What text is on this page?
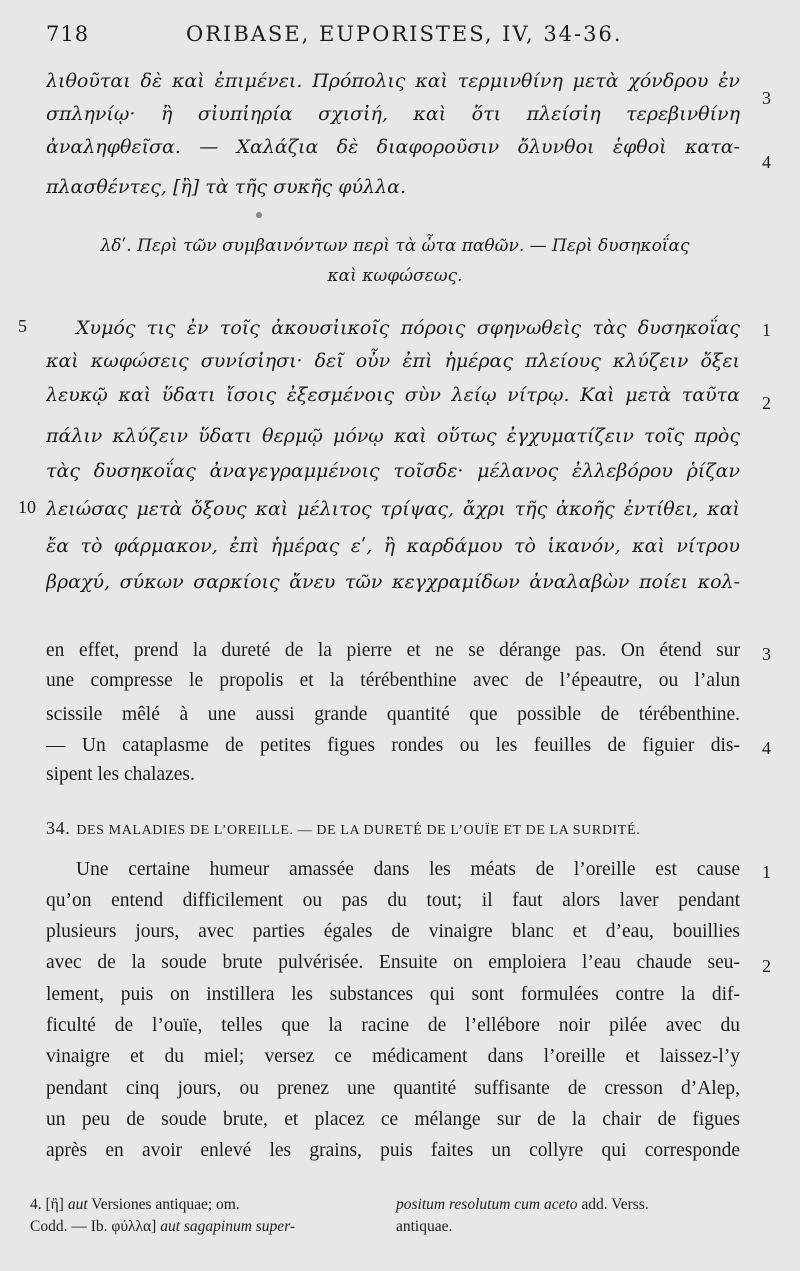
718	ORIBASE, EUPORISTES, IV, 34-36.
λιθοῦται δὲ καὶ ἐπιμένει. Πρόπολις καὶ τερμινθίνη μετὰ χόνδρου ἐν
σπληνίῳ· ἢ σἰυπἰηρία σχισἰή, καὶ ὅτι πλείσἰη τερεβινθίνη
ἀναληφθεῖσα. — Χαλάζια δὲ διαφοροῦσιν ὄλυνθοι ἑφθοὶ κατα-
πλασθέντες, [ἢ] τὰ τῆς συκῆς φύλλα.
3
4
λδʹ. Περὶ τῶν συμβαινόντων περὶ τὰ ὦτα παθῶν. — Περὶ δυσηκοΐας
καὶ κωφώσεως.
Χυμός τις ἐν τοῖς ἀκουσἰικοῖς πόροις σφηνωθεὶς τὰς δυσηκοΐας
καὶ κωφώσεις συνίσἰησι· δεῖ οὖν ἐπὶ ἡμέρας πλείους κλύζειν ὄξει
λευκῷ καὶ ὕδατι ἴσοις ἐξεσμένοις σὺν λείῳ νίτρῳ. Καὶ μετὰ ταῦτα
πάλιν κλύζειν ὕδατι θερμῷ μόνῳ καὶ οὕτως ἐγχυματίζειν τοῖς πρὸς
τὰς δυσηκοΐας ἀναγεγραμμένοις τοῖσδε· μέλανος ἐλλεβόρου ῥίζαν
λειώσας μετὰ ὄξους καὶ μέλιτος τρίψας, ἄχρι τῆς ἀκοῆς ἐντίθει, καὶ
ἔα τὸ φάρμακον, ἐπὶ ἡμέρας εʹ, ἢ καρδάμου τὸ ἱκανόν, καὶ νίτρου
βραχύ, σύκων σαρκίοις ἄνευ τῶν κεγχραμίδων ἀναλαβὼν ποίει κολ-
5
10
1
2
en effet, prend la dureté de la pierre et ne se dérange pas. On étend sur
une compresse le propolis et la térébenthine avec de l’épeautre, ou l’alun
scissile mêlé à une aussi grande quantité que possible de térébenthine.
— Un cataplasme de petites figues rondes ou les feuilles de figuier dis-
sipent les chalazes.
3
4
34. DES MALADIES DE L’OREILLE. — DE LA DURETÉ DE L’OUÏE ET DE LA SURDITÉ.
Une certaine humeur amassée dans les méats de l’oreille est cause
qu’on entend difficilement ou pas du tout; il faut alors laver pendant
plusieurs jours, avec parties égales de vinaigre blanc et d’eau, bouillies
avec de la soude brute pulvérisée. Ensuite on emploiera l’eau chaude seu-
lement, puis on instillera les substances qui sont formulées contre la dif-
ficulté de l’ouïe, telles que la racine de l’ellébore noir pilée avec du
vinaigre et du miel; versez ce médicament dans l’oreille et laissez-l’y
pendant cinq jours, ou prenez une quantité suffisante de cresson d’Alep,
un peu de soude brute, et placez ce mélange sur de la chair de figues
après en avoir enlevé les grains, puis faites un collyre qui corresponde
1
2
4. [ἢ] aut Versiones antiquae; om.
Codd. — Ib. φύλλα] aut sagapinum super-
positum resolutum cum aceto add. Verss.
antiquae.
